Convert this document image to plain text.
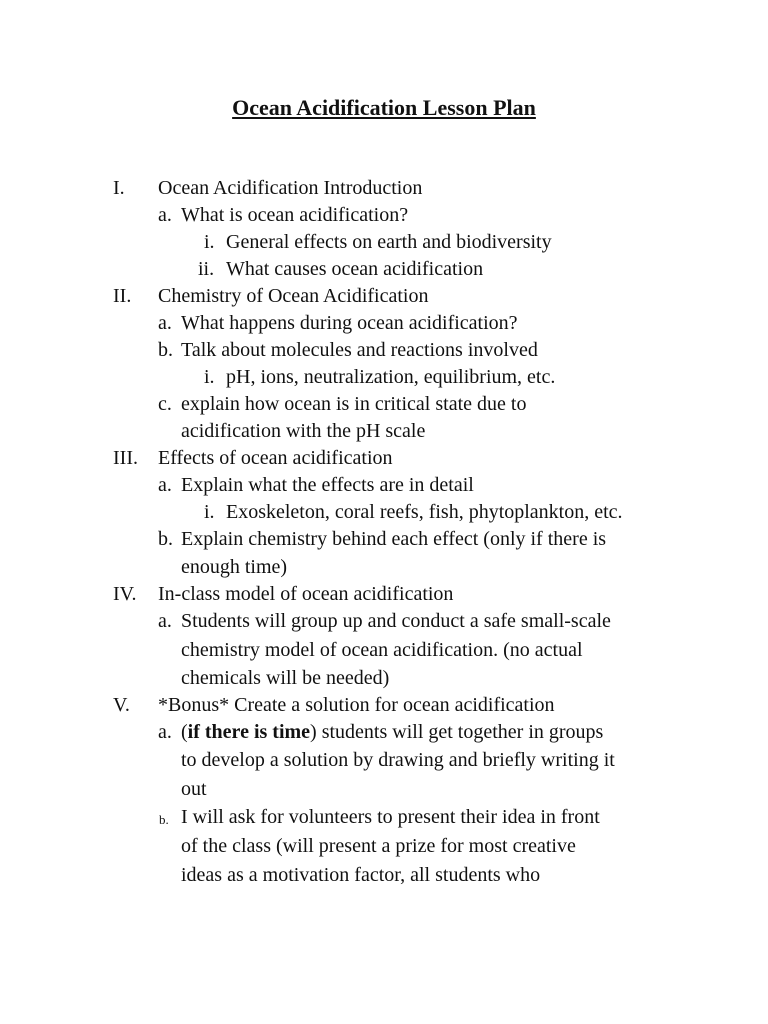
Ocean Acidification Lesson Plan
I. Ocean Acidification Introduction
a. What is ocean acidification?
i. General effects on earth and biodiversity
ii. What causes ocean acidification
II. Chemistry of Ocean Acidification
a. What happens during ocean acidification?
b. Talk about molecules and reactions involved
i. pH, ions, neutralization, equilibrium, etc.
c. explain how ocean is in critical state due to
acidification with the pH scale
III. Effects of ocean acidification
a. Explain what the effects are in detail
i. Exoskeleton, coral reefs, fish, phytoplankton, etc.
b. Explain chemistry behind each effect (only if there is
enough time)
IV. In-class model of ocean acidification
a. Students will group up and conduct a safe small-scale
chemistry model of ocean acidification. (no actual
chemicals will be needed)
V. *Bonus* Create a solution for ocean acidification
a. (if there is time) students will get together in groups
to develop a solution by drawing and briefly writing it
out
b. I will ask for volunteers to present their idea in front
of the class (will present a prize for most creative
ideas as a motivation factor, all students who
